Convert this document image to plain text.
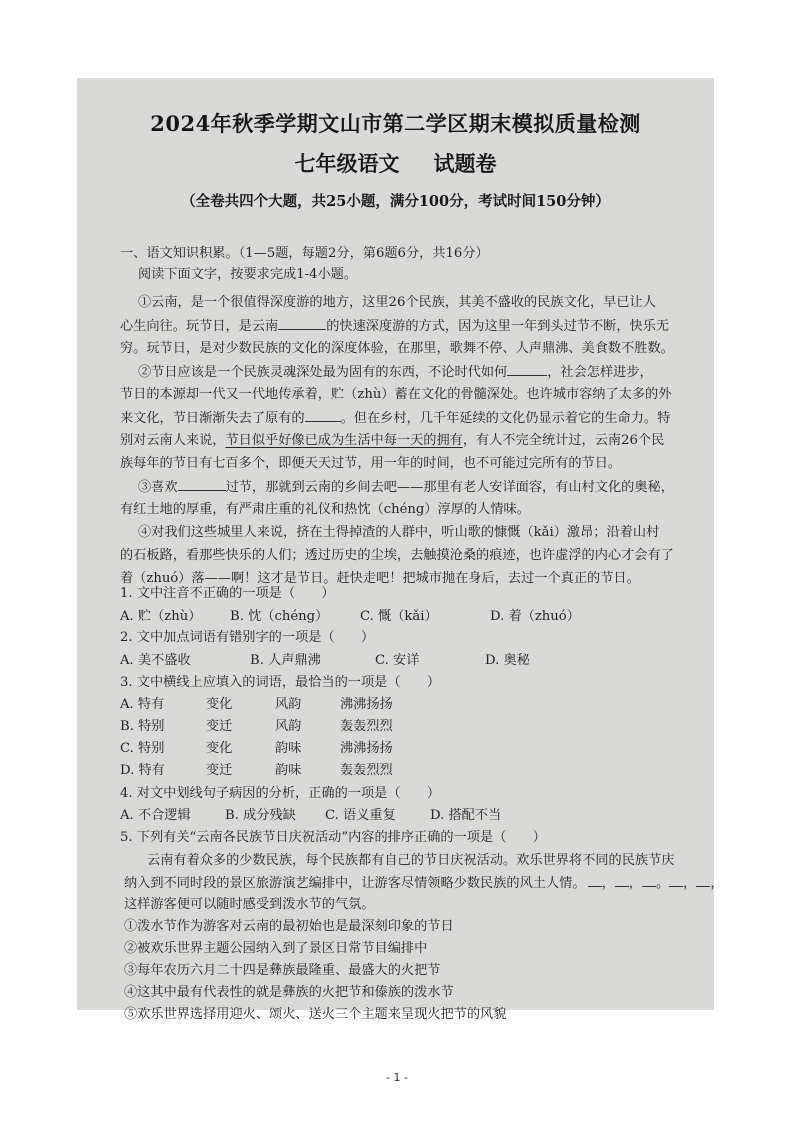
2024年秋季学期文山市第二学区期末模拟质量检测
七年级语文 试题卷
（全卷共四个大题，共25小题，满分100分，考试时间150分钟）
一、语文知识积累。（1—5题，每题2分，第6题6分，共16分）
阅读下面文字，按要求完成1-4小题。
①云南，是一个很值得深度游的地方，这里26个民族，其美不盛收的民族文化，早已让人
心生向往。玩节日，是云南	的快速深度游的方式，因为这里一年到头过节不断，快乐无
穷。玩节日，是对少数民族的文化的深度体验，在那里，歌舞不停、人声鼎沸、美食数不胜数。
②节日应该是一个民族灵魂深处最为固有的东西，不论时代如何	，社会怎样进步，
节日的本源却一代又一代地传承着，贮（zhù）蓄在文化的骨髓深处。也许城市容纳了太多的外
来文化，节日渐渐失去了原有的	。但在乡村，几千年延续的文化仍显示着它的生命力。特
别对云南人来说，节日似乎好像已成为生活中每一天的拥有，有人不完全统计过，云南26个民
族每年的节日有七百多个，即便天天过节，用一年的时间，也不可能过完所有的节日。
③喜欢	过节，那就到云南的乡间去吧——那里有老人安详面容，有山村文化的奥秘，
有红土地的厚重，有严肃庄重的礼仪和热忱（chéng）淳厚的人情味。
④对我们这些城里人来说，挤在土得掉渣的人群中，听山歌的慷慨（kǎi）激昂；沿着山村
的石板路，看那些快乐的人们；透过历史的尘埃，去触摸沧桑的痕迹，也许虚浮的内心才会有了
着（zhuó）落——啊！这才是节日。赶快走吧！把城市抛在身后，去过一个真正的节日。
1. 文中注音不正确的一项是（　　）
A. 贮（zhù） B. 忱（chéng） C. 慨（kǎi）	D. 着（zhuó）
2. 文中加点词语有错别字的一项是（　　）
A. 美不盛收	B. 人声鼎沸	C. 安详	D. 奥秘
3. 文中横线上应填入的词语，最恰当的一项是（　　）
A. 特有	变化	风韵	沸沸扬扬
B. 特别	变迁	风韵	轰轰烈烈
C. 特别	变化	韵味	沸沸扬扬
D. 特有	变迁	韵味	轰轰烈烈
4. 对文中划线句子病因的分析，正确的一项是（　　）
A. 不合逻辑	B. 成分残缺 C. 语义重复	D. 搭配不当
5. 下列有关“云南各民族节日庆祝活动”内容的排序正确的一项是（　　）
云南有着众多的少数民族，每个民族都有自己的节日庆祝活动。欢乐世界将不同的民族节庆
纳入到不同时段的景区旅游演艺编排中，让游客尽情领略少数民族的风土人情。 ， ， 。 ， ，
这样游客便可以随时感受到泼水节的气氛。
①泼水节作为游客对云南的最初始也是最深刻印象的节日
②被欢乐世界主题公园纳入到了景区日常节目编排中
③每年农历六月二十四是彝族最隆重、最盛大的火把节
④这其中最有代表性的就是彝族的火把节和傣族的泼水节
⑤欢乐世界选择用迎火、颂火、送火三个主题来呈现火把节的风貌
- 1 -
